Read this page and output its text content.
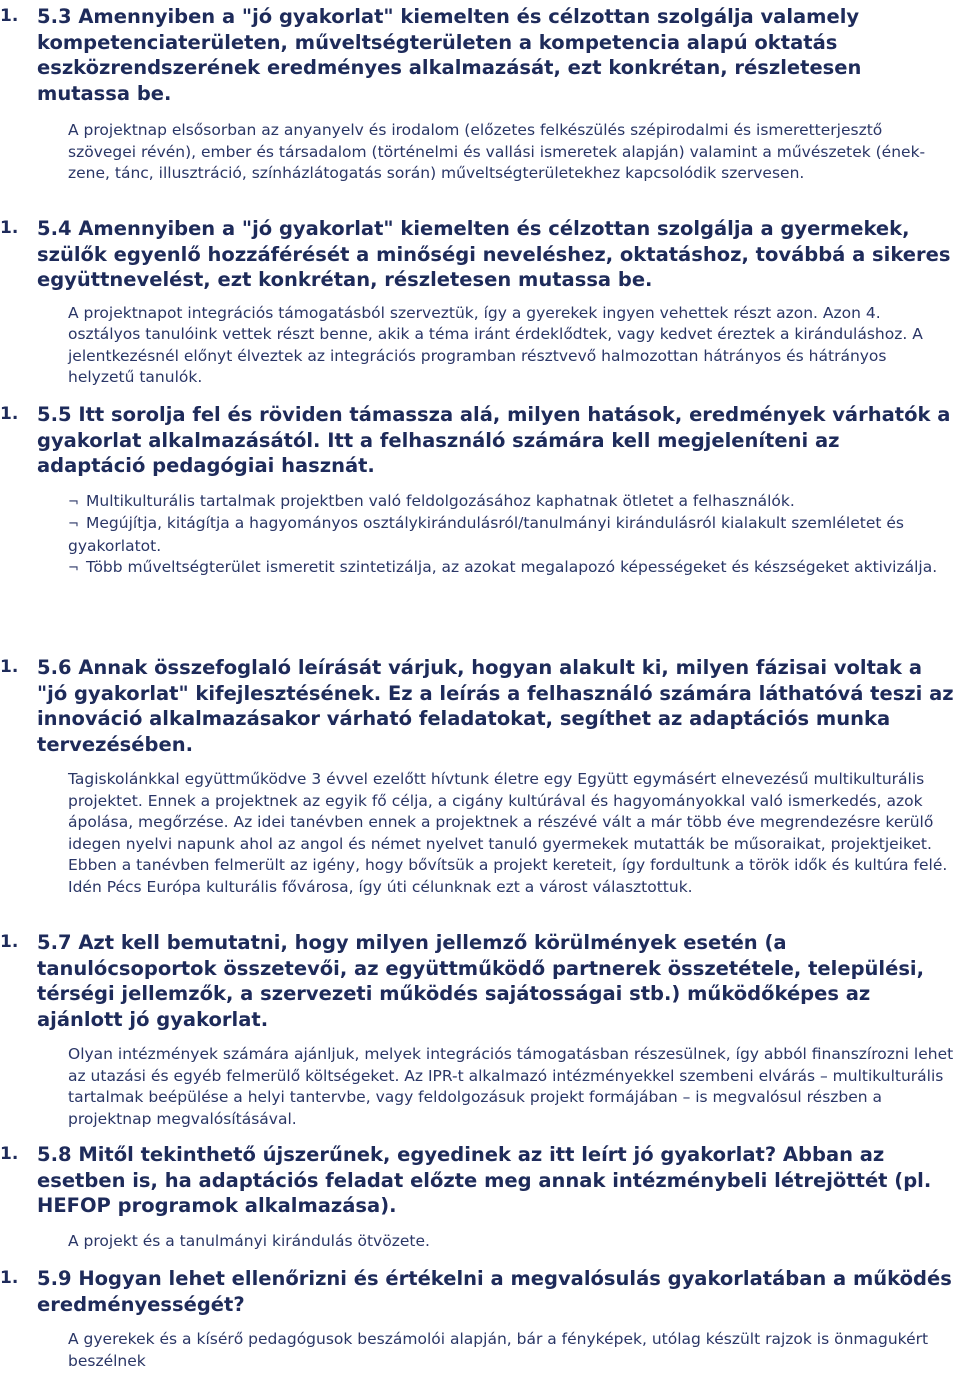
1. 5.3 Amennyiben a "jó gyakorlat" kiemelten és célzottan szolgálja valamely kompetenciaterületen, műveltségterületen a kompetencia alapú oktatás eszközrendszerének eredményes alkalmazását, ezt konkrétan, részletesen mutassa be.

A projektnap elsősorban az anyanyelv és irodalom (előzetes felkészülés szépirodalmi és ismeretterjesztő szövegei révén), ember és társadalom (történelmi és vallási ismeretek alapján) valamint a művészetek (ének-zene, tánc, illusztráció, színházlátogatás során) műveltségterületekhez kapcsolódik szervesen.

1. 5.4 Amennyiben a "jó gyakorlat" kiemelten és célzottan szolgálja a gyermekek, szülők egyenlő hozzáférését a minőségi neveléshez, oktatáshoz, továbbá a sikeres együttnevelést, ezt konkrétan, részletesen mutassa be.

A projektnapot integrációs támogatásból szerveztük, így a gyerekek ingyen vehettek részt azon. Azon 4. osztályos tanulóink vettek részt benne, akik a téma iránt érdeklődtek, vagy kedvet éreztek a kiránduláshoz. A jelentkezésnél előnyt élveztek az integrációs programban résztvevő halmozottan hátrányos és hátrányos helyzetű tanulók.

1. 5.5 Itt sorolja fel és röviden támassza alá, milyen hatások, eredmények várhatók a gyakorlat alkalmazásától. Itt a felhasználó számára kell megjeleníteni az adaptáció pedagógiai hasznát.

¬ Multikulturális tartalmak projektben való feldolgozásához kaphatnak ötletet a felhasználók.

¬ Megújítja, kitágítja a hagyományos osztálykirándulásról/tanulmányi kirándulásról kialakult szemléletet és gyakorlatot.

¬ Több műveltségterület ismeretit szintetizálja, az azokat megalapozó képességeket és készségeket aktivizálja.

1. 5.6 Annak összefoglaló leírását várjuk, hogyan alakult ki, milyen fázisai voltak a "jó gyakorlat" kifejlesztésének. Ez a leírás a felhasználó számára láthatóvá teszi az innováció alkalmazásakor várható feladatokat, segíthet az adaptációs munka tervezésében.

Tagiskolánkkal együttműködve 3 évvel ezelőtt hívtunk életre egy Együtt egymásért elnevezésű multikulturális projektet. Ennek a projektnek az egyik fő célja, a cigány kultúrával és hagyományokkal való ismerkedés, azok ápolása, megőrzése. Az idei tanévben ennek a projektnek a részévé vált a már több éve megrendezésre kerülő idegen nyelvi napunk ahol az angol és német nyelvet tanuló gyermekek mutatták be műsoraikat, projektjeiket. Ebben a tanévben felmerült az igény, hogy bővítsük a projekt kereteit, így fordultunk a török idők és kultúra felé. Idén Pécs Európa kulturális fővárosa, így úti célunknak ezt a várost választottuk.

1. 5.7 Azt kell bemutatni, hogy milyen jellemző körülmények esetén (a tanulócsoportok összetevői, az együttműködő partnerek összetétele, települési, térségi jellemzők, a szervezeti működés sajátosságai stb.) működőképes az ajánlott jó gyakorlat.

Olyan intézmények számára ajánljuk, melyek integrációs támogatásban részesülnek, így abból finanszírozni lehet az utazási és egyéb felmerülő költségeket. Az IPR-t alkalmazó intézményekkel szembeni elvárás – multikulturális tartalmak beépülése a helyi tantervbe, vagy feldolgozásuk projekt formájában – is megvalósul részben a projektnap megvalósításával.

1. 5.8 Mitől tekinthető újszerűnek, egyedinek az itt leírt jó gyakorlat? Abban az esetben is, ha adaptációs feladat előzte meg annak intézménybeli létrejöttét (pl. HEFOP programok alkalmazása).

A projekt és a tanulmányi kirándulás ötvözete.

1. 5.9 Hogyan lehet ellenőrizni és értékelni a megvalósulás gyakorlatában a működés eredményességét?

A gyerekek és a kísérő pedagógusok beszámolói alapján, bár a fényképek, utólag készült rajzok is önmagukért beszélnek
